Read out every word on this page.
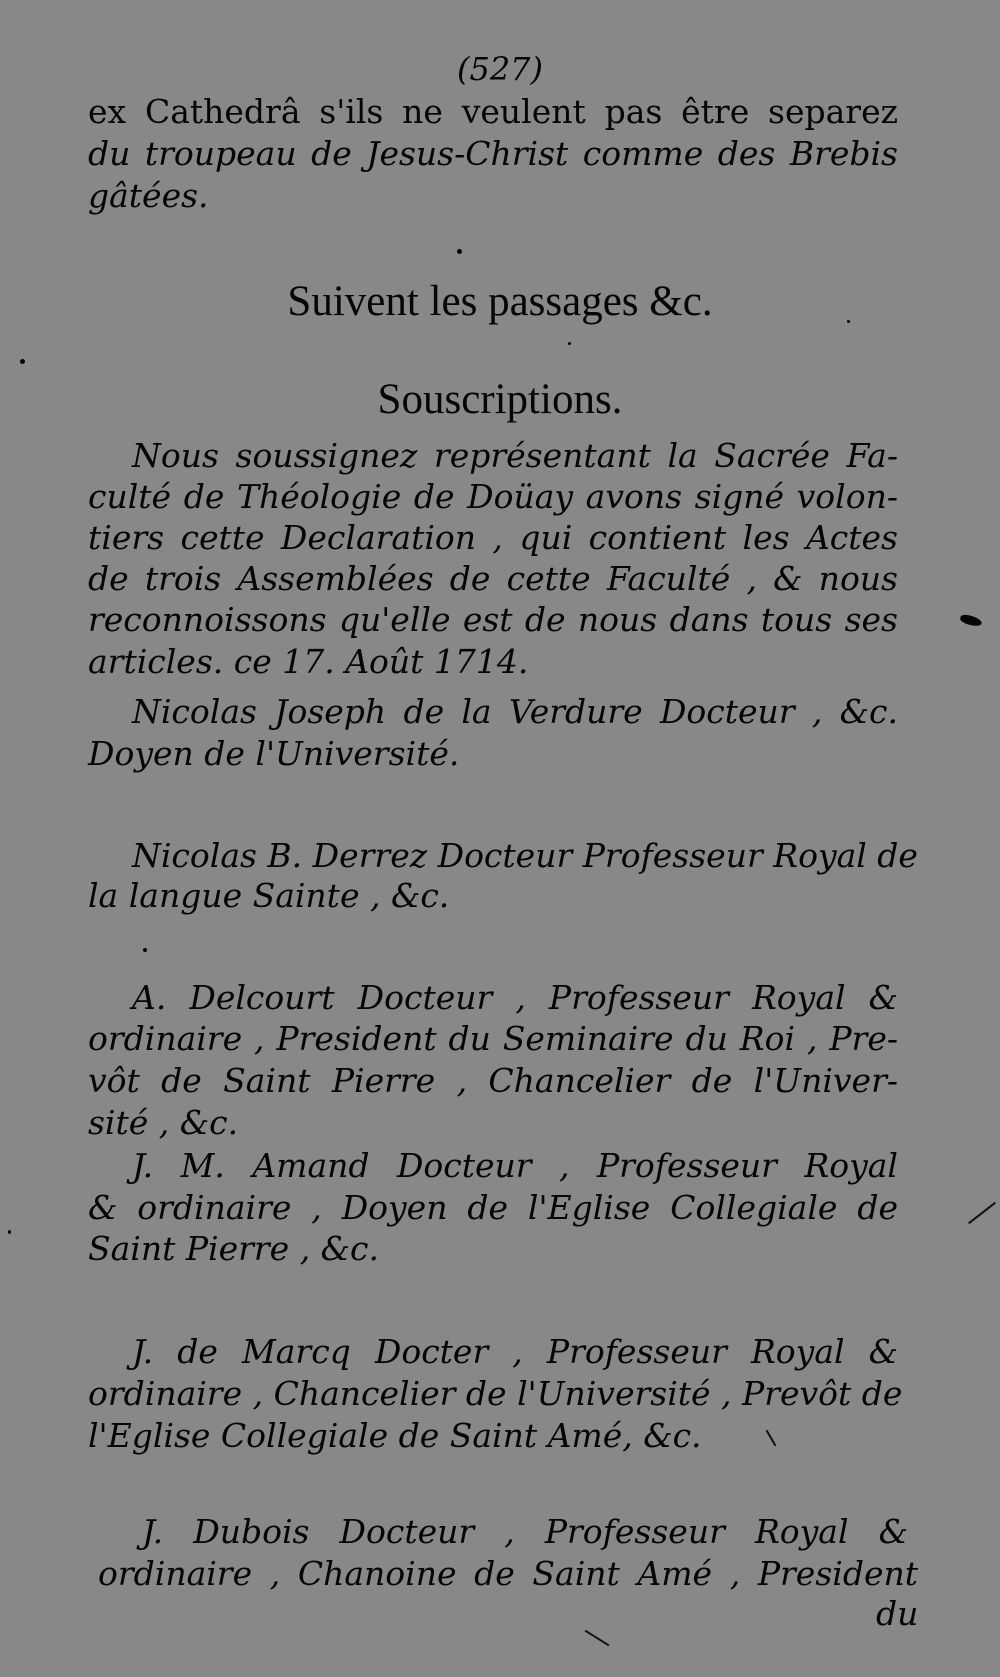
(527)
ex Cathedrâ s'ils ne veulent pas être separez
du troupeau de Jesus-Christ comme des Brebis
gâtées.
Suivent les passages &c.
Souscriptions.
Nous soussignez représentant la Sacrée Fa-
culté de Théologie de Doüay avons signé volon-
tiers cette Declaration , qui contient les Actes
de trois Assemblées de cette Faculté , & nous
reconnoissons qu'elle est de nous dans tous ses
articles. ce 17. Août 1714.
Nicolas Joseph de la Verdure Docteur , &c.
Doyen de l'Université.
Nicolas B. Derrez Docteur Professeur Royal de
la langue Sainte , &c.
A. Delcourt Docteur , Professeur Royal &
ordinaire , President du Seminaire du Roi , Pre-
vôt de Saint Pierre , Chancelier de l'Univer-
sité , &c.
J. M. Amand Docteur , Professeur Royal
& ordinaire , Doyen de l'Eglise Collegiale de
Saint Pierre , &c.
J. de Marcq Docter , Professeur Royal &
ordinaire , Chancelier de l'Université , Prevôt de
l'Eglise Collegiale de Saint Amé, &c.
J. Dubois Docteur , Professeur Royal &
ordinaire , Chanoine de Saint Amé , President
du
